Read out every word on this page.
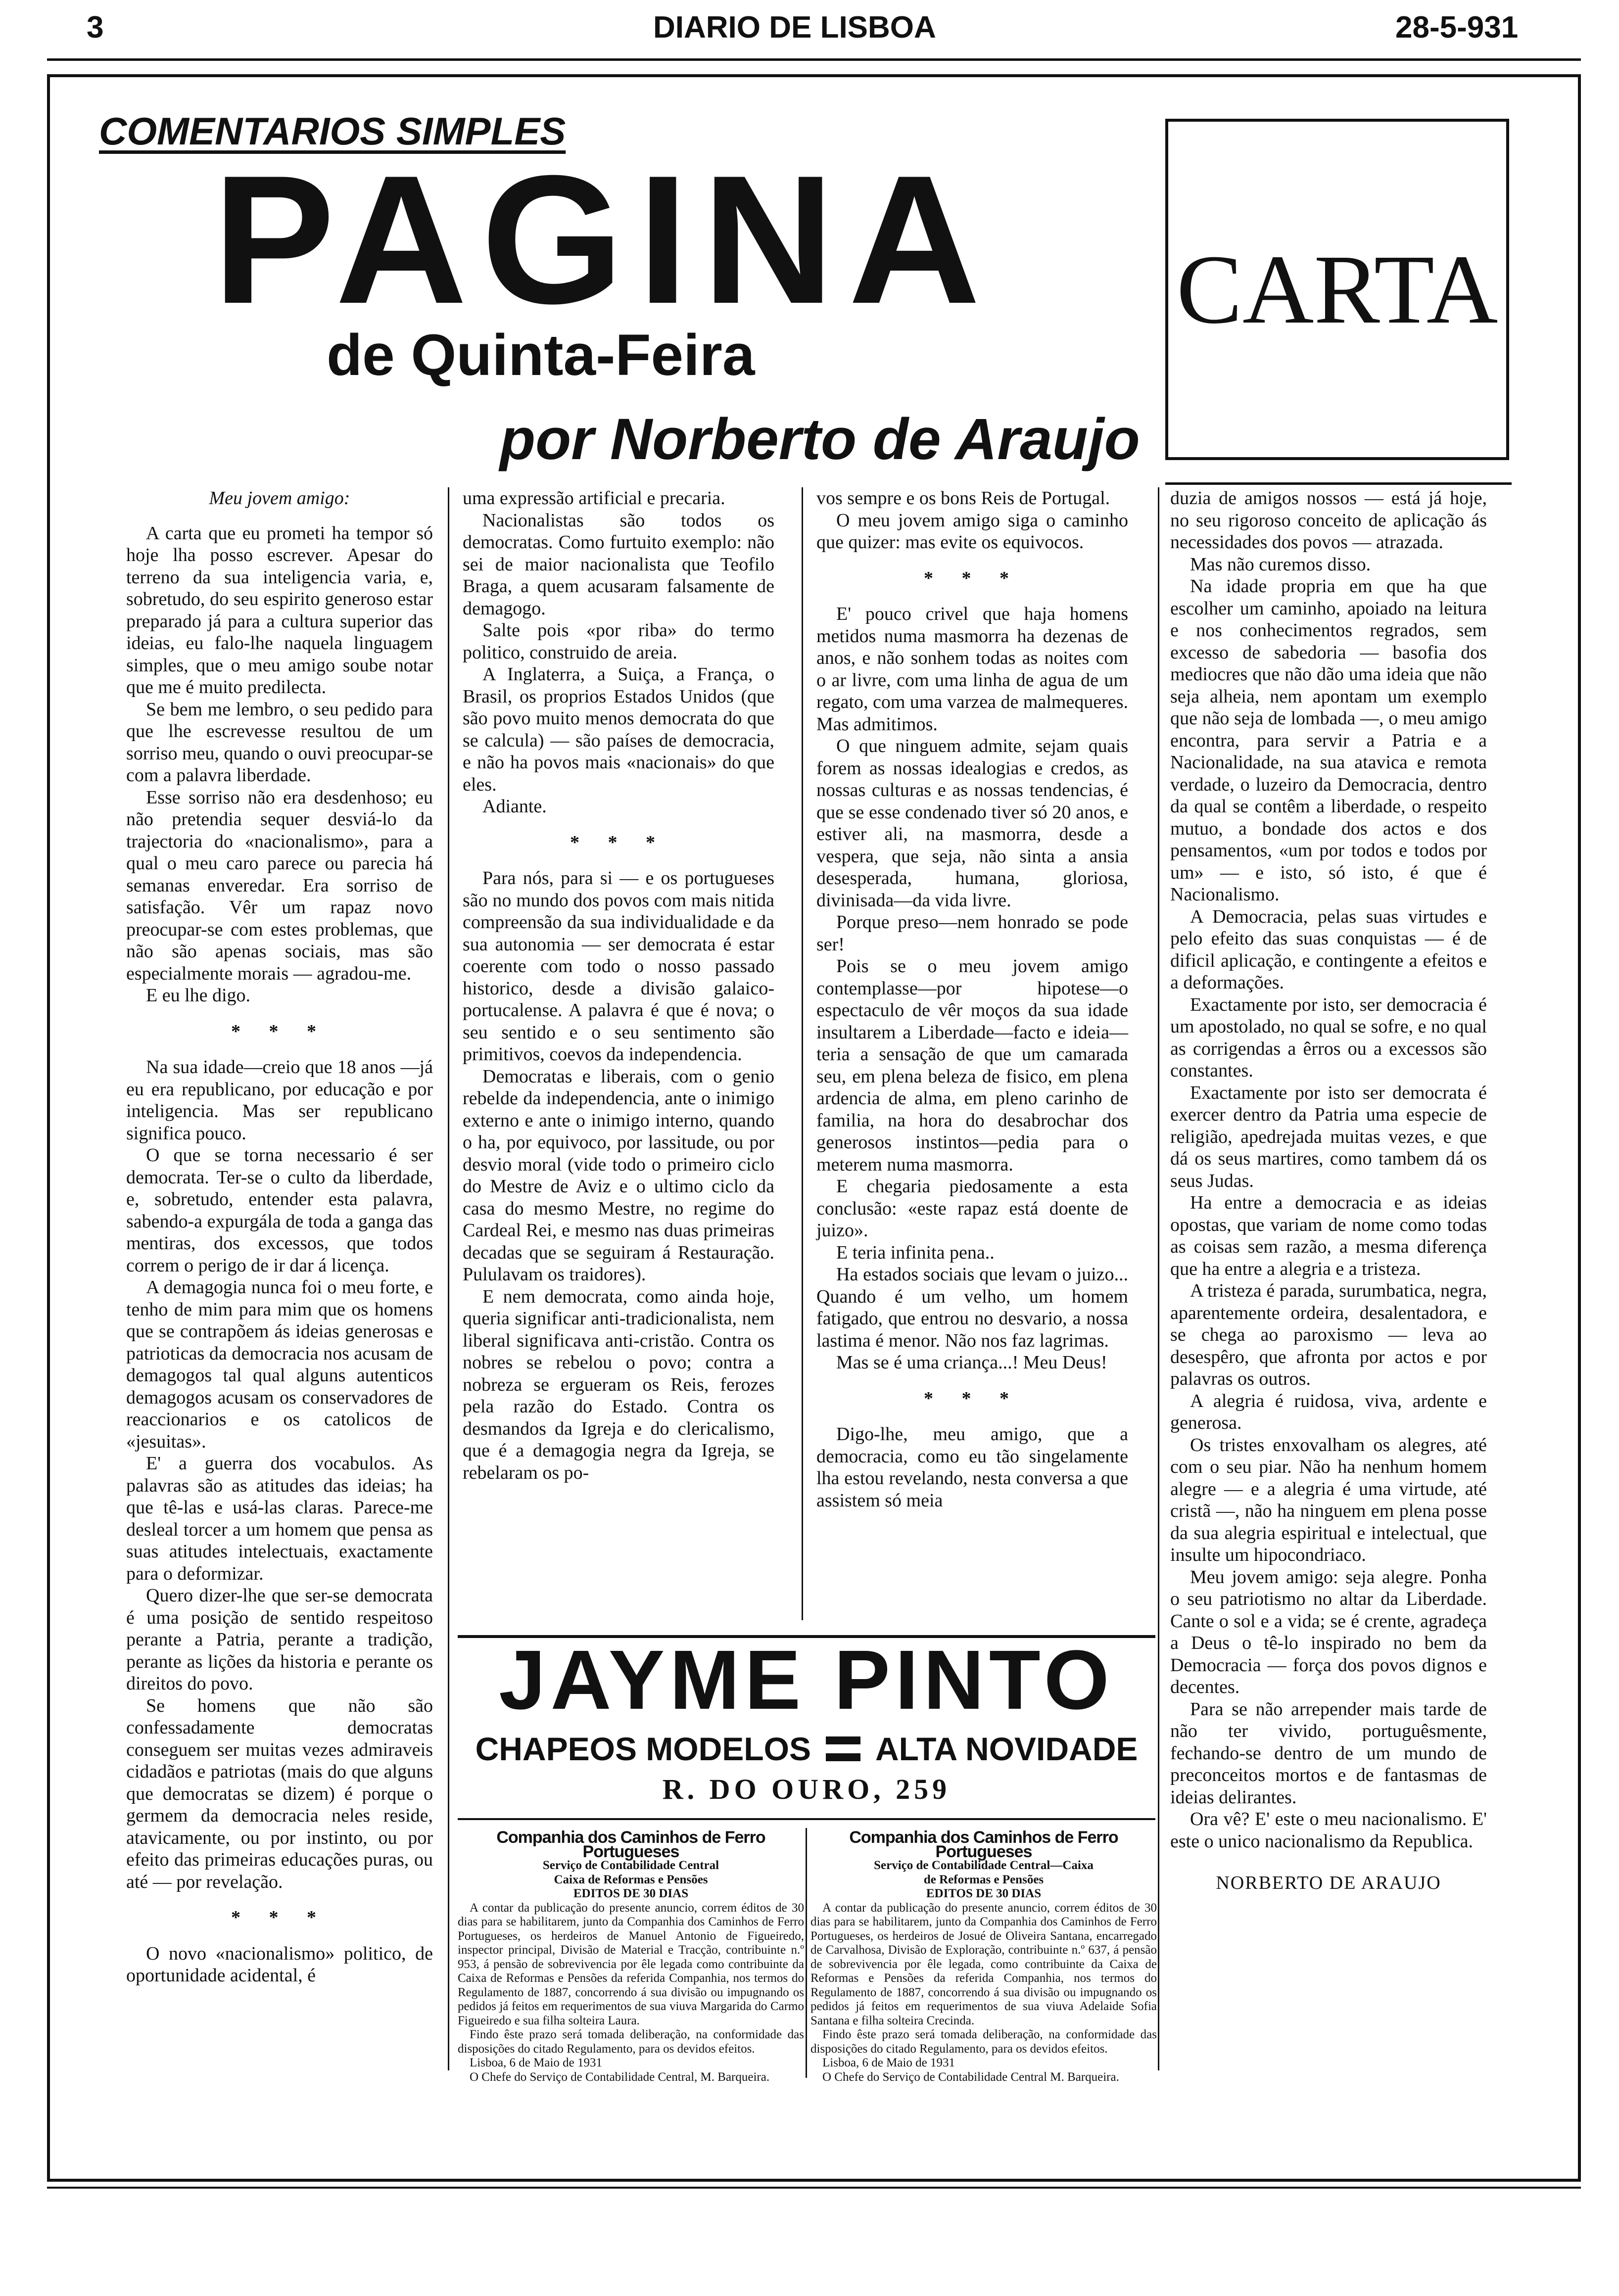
3	DIARIO DE LISBOA	28-5-931
COMENTARIOS SIMPLES
PAGINA
de Quinta-Feira
por Norberto de Araujo
CARTA

Meu jovem amigo:

A carta que eu prometi ha tempor só hoje lha posso escrever. Apesar do terreno da sua inteligencia varia, e, sobretudo, do seu espirito generoso estar preparado já para a cultura superior das ideias, eu falo-lhe naquela linguagem simples, que o meu amigo soube notar que me é muito predilecta.

Se bem me lembro, o seu pedido para que lhe escrevesse resultou de um sorriso meu, quando o ouvi preocupar-se com a palavra liberdade.

Esse sorriso não era desdenhoso; eu não pretendia sequer desviá-lo da trajectoria do «nacionalismo», para a qual o meu caro parece ou parecia há semanas enveredar. Era sorriso de satisfação. Vêr um rapaz novo preocupar-se com estes problemas, que não são apenas sociais, mas são especialmente morais — agradou-me.

E eu lhe digo.

* * *

Na sua idade—creio que 18 anos —já eu era republicano, por educação e por inteligencia. Mas ser republicano significa pouco.

O que se torna necessario é ser democrata. Ter-se o culto da liberdade, e, sobretudo, entender esta palavra, sabendo-a expurgála de toda a ganga das mentiras, dos excessos, que todos correm o perigo de ir dar á licença.

A demagogia nunca foi o meu forte, e tenho de mim para mim que os homens que se contrapõem ás ideias generosas e patrioticas da democracia nos acusam de demagogos tal qual alguns autenticos demagogos acusam os conservadores de reaccionarios e os catolicos de «jesuitas».

E' a guerra dos vocabulos. As palavras são as atitudes das ideias; ha que tê-las e usá-las claras. Parece-me desleal torcer a um homem que pensa as suas atitudes intelectuais, exactamente para o deformizar.

Quero dizer-lhe que ser-se democrata é uma posição de sentido respeitoso perante a Patria, perante a tradição, perante as lições da historia e perante os direitos do povo.

Se homens que não são confessadamente democratas conseguem ser muitas vezes admiraveis cidadãos e patriotas (mais do que alguns que democratas se dizem) é porque o germem da democracia neles reside, atavicamente, ou por instinto, ou por efeito das primeiras educações puras, ou até — por revelação.

* * *

O novo «nacionalismo» politico, de oportunidade acidental, é

uma expressão artificial e precaria.

Nacionalistas são todos os democratas. Como furtuito exemplo: não sei de maior nacionalista que Teofilo Braga, a quem acusaram falsamente de demagogo.

Salte pois «por riba» do termo politico, construido de areia.

A Inglaterra, a Suiça, a França, o Brasil, os proprios Estados Unidos (que são povo muito menos democrata do que se calcula) — são países de democracia, e não ha povos mais «nacionais» do que eles.

Adiante.

* * *

Para nós, para si — e os portugueses são no mundo dos povos com mais nitida compreensão da sua individualidade e da sua autonomia — ser democrata é estar coerente com todo o nosso passado historico, desde a divisão galaico-portucalense. A palavra é que é nova; o seu sentido e o seu sentimento são primitivos, coevos da independencia.

Democratas e liberais, com o genio rebelde da independencia, ante o inimigo externo e ante o inimigo interno, quando o ha, por equivoco, por lassitude, ou por desvio moral (vide todo o primeiro ciclo do Mestre de Aviz e o ultimo ciclo da casa do mesmo Mestre, no regime do Cardeal Rei, e mesmo nas duas primeiras decadas que se seguiram á Restauração. Pululavam os traidores).

E nem democrata, como ainda hoje, queria significar anti-tradicionalista, nem liberal significava anti-cristão. Contra os nobres se rebelou o povo; contra a nobreza se ergueram os Reis, ferozes pela razão do Estado. Contra os desmandos da Igreja e do clericalismo, que é a demagogia negra da Igreja, se rebelaram os po-

vos sempre e os bons Reis de Portugal.

O meu jovem amigo siga o caminho que quizer: mas evite os equivocos.

* * *

E' pouco crivel que haja homens metidos numa masmorra ha dezenas de anos, e não sonhem todas as noites com o ar livre, com uma linha de agua de um regato, com uma varzea de malmequeres. Mas admitimos.

O que ninguem admite, sejam quais forem as nossas idealogias e credos, as nossas culturas e as nossas tendencias, é que se esse condenado tiver só 20 anos, e estiver ali, na masmorra, desde a vespera, que seja, não sinta a ansia desesperada, humana, gloriosa, divinisada—da vida livre.

Porque preso—nem honrado se pode ser!

Pois se o meu jovem amigo contemplasse—por hipotese—o espectaculo de vêr moços da sua idade insultarem a Liberdade—facto e ideia—teria a sensação de que um camarada seu, em plena beleza de fisico, em plena ardencia de alma, em pleno carinho de familia, na hora do desabrochar dos generosos instintos—pedia para o meterem numa masmorra.

E chegaria piedosamente a esta conclusão: «este rapaz está doente de juizo».

E teria infinita pena..

Ha estados sociais que levam o juizo... Quando é um velho, um homem fatigado, que entrou no desvario, a nossa lastima é menor. Não nos faz lagrimas.

Mas se é uma criança...! Meu Deus!

* * *

Digo-lhe, meu amigo, que a democracia, como eu tão singelamente lha estou revelando, nesta conversa a que assistem só meia

duzia de amigos nossos — está já hoje, no seu rigoroso conceito de aplicação ás necessidades dos povos — atrazada.

Mas não curemos disso.

Na idade propria em que ha que escolher um caminho, apoiado na leitura e nos conhecimentos regrados, sem excesso de sabedoria — basofia dos mediocres que não dão uma ideia que não seja alheia, nem apontam um exemplo que não seja de lombada —, o meu amigo encontra, para servir a Patria e a Nacionalidade, na sua atavica e remota verdade, o luzeiro da Democracia, dentro da qual se contêm a liberdade, o respeito mutuo, a bondade dos actos e dos pensamentos, «um por todos e todos por um» — e isto, só isto, é que é Nacionalismo.

A Democracia, pelas suas virtudes e pelo efeito das suas conquistas — é de dificil aplicação, e contingente a efeitos e a deformações.

Exactamente por isto, ser democracia é um apostolado, no qual se sofre, e no qual as corrigendas a êrros ou a excessos são constantes.

Exactamente por isto ser democrata é exercer dentro da Patria uma especie de religião, apedrejada muitas vezes, e que dá os seus martires, como tambem dá os seus Judas.

Ha entre a democracia e as ideias opostas, que variam de nome como todas as coisas sem razão, a mesma diferença que ha entre a alegria e a tristeza.

A tristeza é parada, surumbatica, negra, aparentemente ordeira, desalentadora, e se chega ao paroxismo — leva ao desespêro, que afronta por actos e por palavras os outros.

A alegria é ruidosa, viva, ardente e generosa.

Os tristes enxovalham os alegres, até com o seu piar. Não ha nenhum homem alegre — e a alegria é uma virtude, até cristã —, não ha ninguem em plena posse da sua alegria espiritual e intelectual, que insulte um hipocondriaco.

Meu jovem amigo: seja alegre. Ponha o seu patriotismo no altar da Liberdade. Cante o sol e a vida; se é crente, agradeça a Deus o tê-lo inspirado no bem da Democracia — força dos povos dignos e decentes.

Para se não arrepender mais tarde de não ter vivido, portuguêsmente, fechando-se dentro de um mundo de preconceitos mortos e de fantasmas de ideias delirantes.

Ora vê? E' este o meu nacionalismo. E' este o unico nacionalismo da Republica.

NORBERTO DE ARAUJO

JAYME PINTO
CHAPEOS MODELOS ALTA NOVIDADE
R. DO OURO, 259
Companhia dos Caminhos de Ferro Portugueses
Serviço de Contabilidade Central
Caixa de Reformas e Pensões
EDITOS DE 30 DIAS

A contar da publicação do presente anuncio, correm éditos de 30 dias para se habilitarem, junto da Companhia dos Caminhos de Ferro Portugueses, os herdeiros de Manuel Antonio de Figueiredo, inspector principal, Divisão de Material e Tracção, contribuinte n.º 953, á pensão de sobrevivencia por êle legada como contribuinte da Caixa de Reformas e Pensões da referida Companhia, nos termos do Regulamento de 1887, concorrendo á sua divisão ou impugnando os pedidos já feitos em requerimentos de sua viuva Margarida do Carmo Figueiredo e sua filha solteira Laura.

Findo êste prazo será tomada deliberação, na conformidade das disposições do citado Regulamento, para os devidos efeitos.

Lisboa, 6 de Maio de 1931

O Chefe do Serviço de Contabilidade Central, M. Barqueira.

Companhia dos Caminhos de Ferro Portugueses
Serviço de Contabilidade Central—Caixa
de Reformas e Pensões
EDITOS DE 30 DIAS

A contar da publicação do presente anuncio, correm éditos de 30 dias para se habilitarem, junto da Companhia dos Caminhos de Ferro Portugueses, os herdeiros de Josué de Oliveira Santana, encarregado de Carvalhosa, Divisão de Exploração, contribuinte n.º 637, á pensão de sobrevivencia por êle legada, como contribuinte da Caixa de Reformas e Pensões da referida Companhia, nos termos do Regulamento de 1887, concorrendo á sua divisão ou impugnando os pedidos já feitos em requerimentos de sua viuva Adelaide Sofia Santana e filha solteira Crecinda.

Findo êste prazo será tomada deliberação, na conformidade das disposições do citado Regulamento, para os devidos efeitos.

Lisboa, 6 de Maio de 1931

O Chefe do Serviço de Contabilidade Central M. Barqueira.
